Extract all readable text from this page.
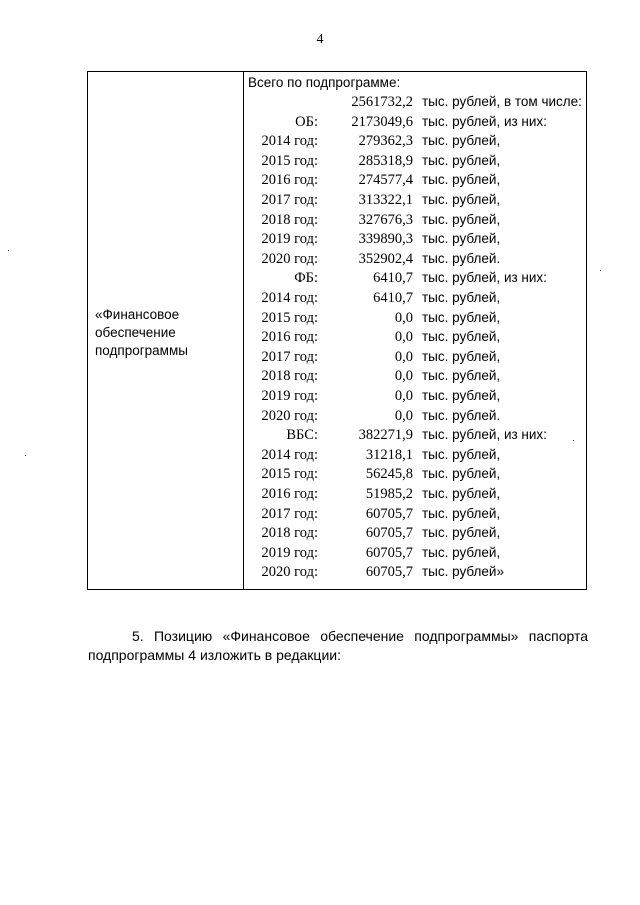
4
«Финансовое
обеспечение
подпрограммы
Всего по подпрограмме:
2561732,2 тыс. рублей, в том числе:
ОБ:	2173049,6 тыс. рублей, из них:
2014 год:	279362,3 тыс. рублей,
2015 год:	285318,9 тыс. рублей,
2016 год:	274577,4 тыс. рублей,
2017 год:	313322,1 тыс. рублей,
2018 год:	327676,3 тыс. рублей,
2019 год:	339890,3 тыс. рублей,
2020 год:	352902,4 тыс. рублей.
ФБ:	6410,7 тыс. рублей, из них:
2014 год:	6410,7 тыс. рублей,
2015 год:	0,0 тыс. рублей,
2016 год:	0,0 тыс. рублей,
2017 год:	0,0 тыс. рублей,
2018 год:	0,0 тыс. рублей,
2019 год:	0,0 тыс. рублей,
2020 год:	0,0 тыс. рублей.
ВБС:	382271,9 тыс. рублей, из них:
2014 год:	31218,1 тыс. рублей,
2015 год:	56245,8 тыс. рублей,
2016 год:	51985,2 тыс. рублей,
2017 год:	60705,7 тыс. рублей,
2018 год:	60705,7 тыс. рублей,
2019 год:	60705,7 тыс. рублей,
2020 год:	60705,7 тыс. рублей»
5. Позицию «Финансовое обеспечение подпрограммы» паспорта
подпрограммы 4 изложить в редакции:
